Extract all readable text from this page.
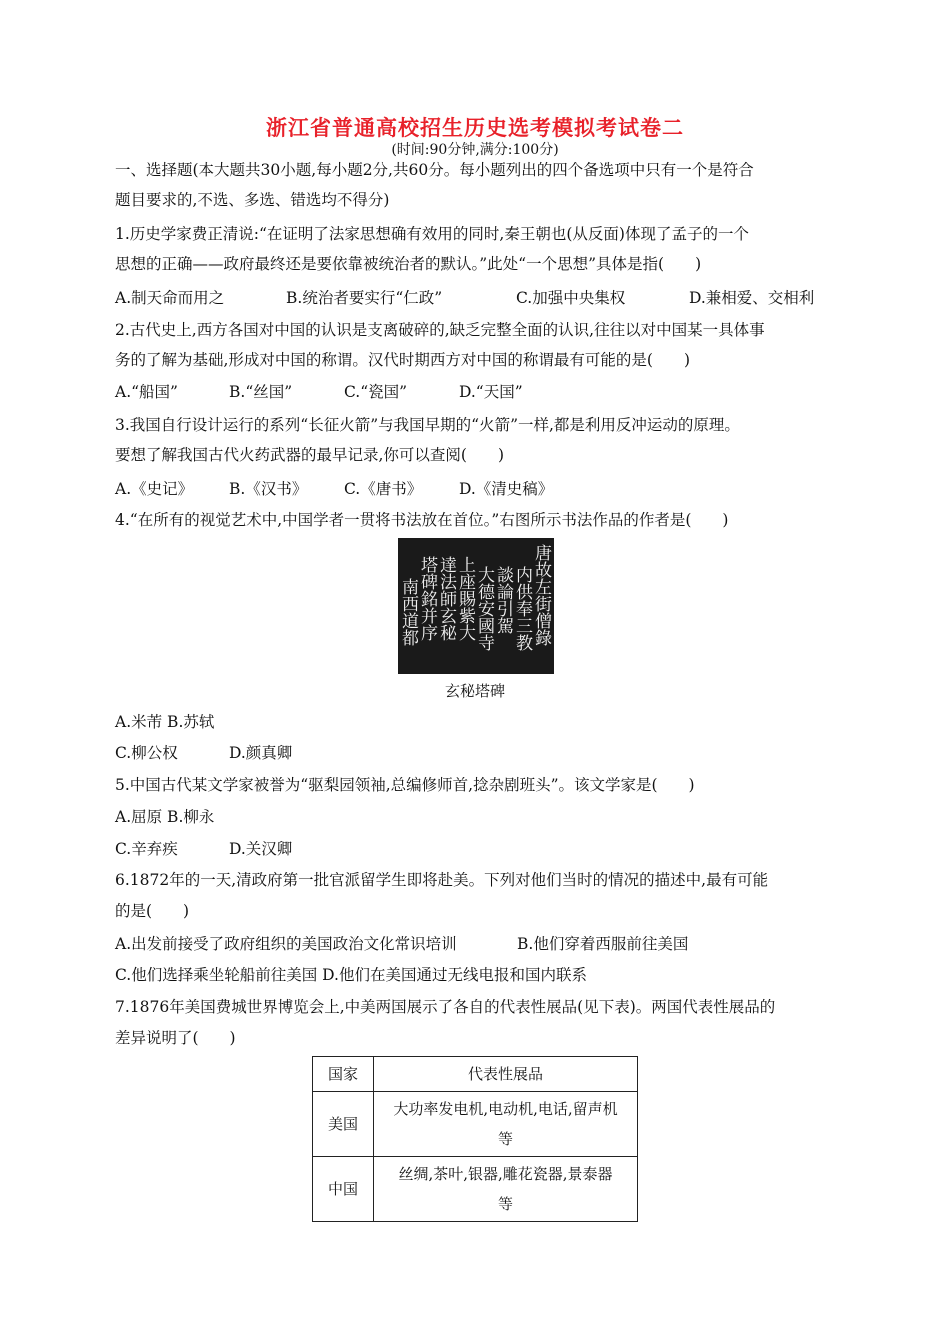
浙江省普通高校招生历史选考模拟考试卷二
(时间:90分钟,满分:100分)
一、选择题(本大题共30小题,每小题2分,共60分。每小题列出的四个备选项中只有一个是符合
题目要求的,不选、多选、错选均不得分)
1.历史学家费正清说:“在证明了法家思想确有效用的同时,秦王朝也(从反面)体现了孟子的一个
思想的正确——政府最终还是要依靠被统治者的默认。”此处“一个思想”具体是指(　　)
A.制天命而用之	B.统治者要实行“仁政”	C.加强中央集权	D.兼相爱、交相利
2.古代史上,西方各国对中国的认识是支离破碎的,缺乏完整全面的认识,往往以对中国某一具体事
务的了解为基础,形成对中国的称谓。汉代时期西方对中国的称谓最有可能的是(　　)
A.“船国”	B.“丝国”	C.“瓷国”	D.“天国”
3.我国自行设计运行的系列“长征火箭”与我国早期的“火箭”一样,都是利用反冲运动的原理。
要想了解我国古代火药武器的最早记录,你可以查阅(　　)
A.《史记》 B.《汉书》 C.《唐书》 D.《清史稿》
4.“在所有的视觉艺术中,中国学者一贯将书法放在首位。”右图所示书法作品的作者是(　　)
唐故左街僧錄
内供奉三教
談論引駕
大德安國寺
上座賜紫大
達法師玄秘
塔碑銘并序
南西道都
玄秘塔碑
A.米芾 B.苏轼
C.柳公权	D.颜真卿
5.中国古代某文学家被誉为“驱梨园领袖,总编修师首,捻杂剧班头”。该文学家是(　　)
A.屈原 B.柳永
C.辛弃疾	D.关汉卿
6.1872年的一天,清政府第一批官派留学生即将赴美。下列对他们当时的情况的描述中,最有可能
的是(　　)
A.出发前接受了政府组织的美国政治文化常识培训	B.他们穿着西服前往美国
C.他们选择乘坐轮船前往美国 D.他们在美国通过无线电报和国内联系
7.1876年美国费城世界博览会上,中美两国展示了各自的代表性展品(见下表)。两国代表性展品的
差异说明了(　　)
国家	代表性展品
美国	大功率发电机,电动机,电话,留声机
等
中国	丝绸,茶叶,银器,雕花瓷器,景泰器
等
